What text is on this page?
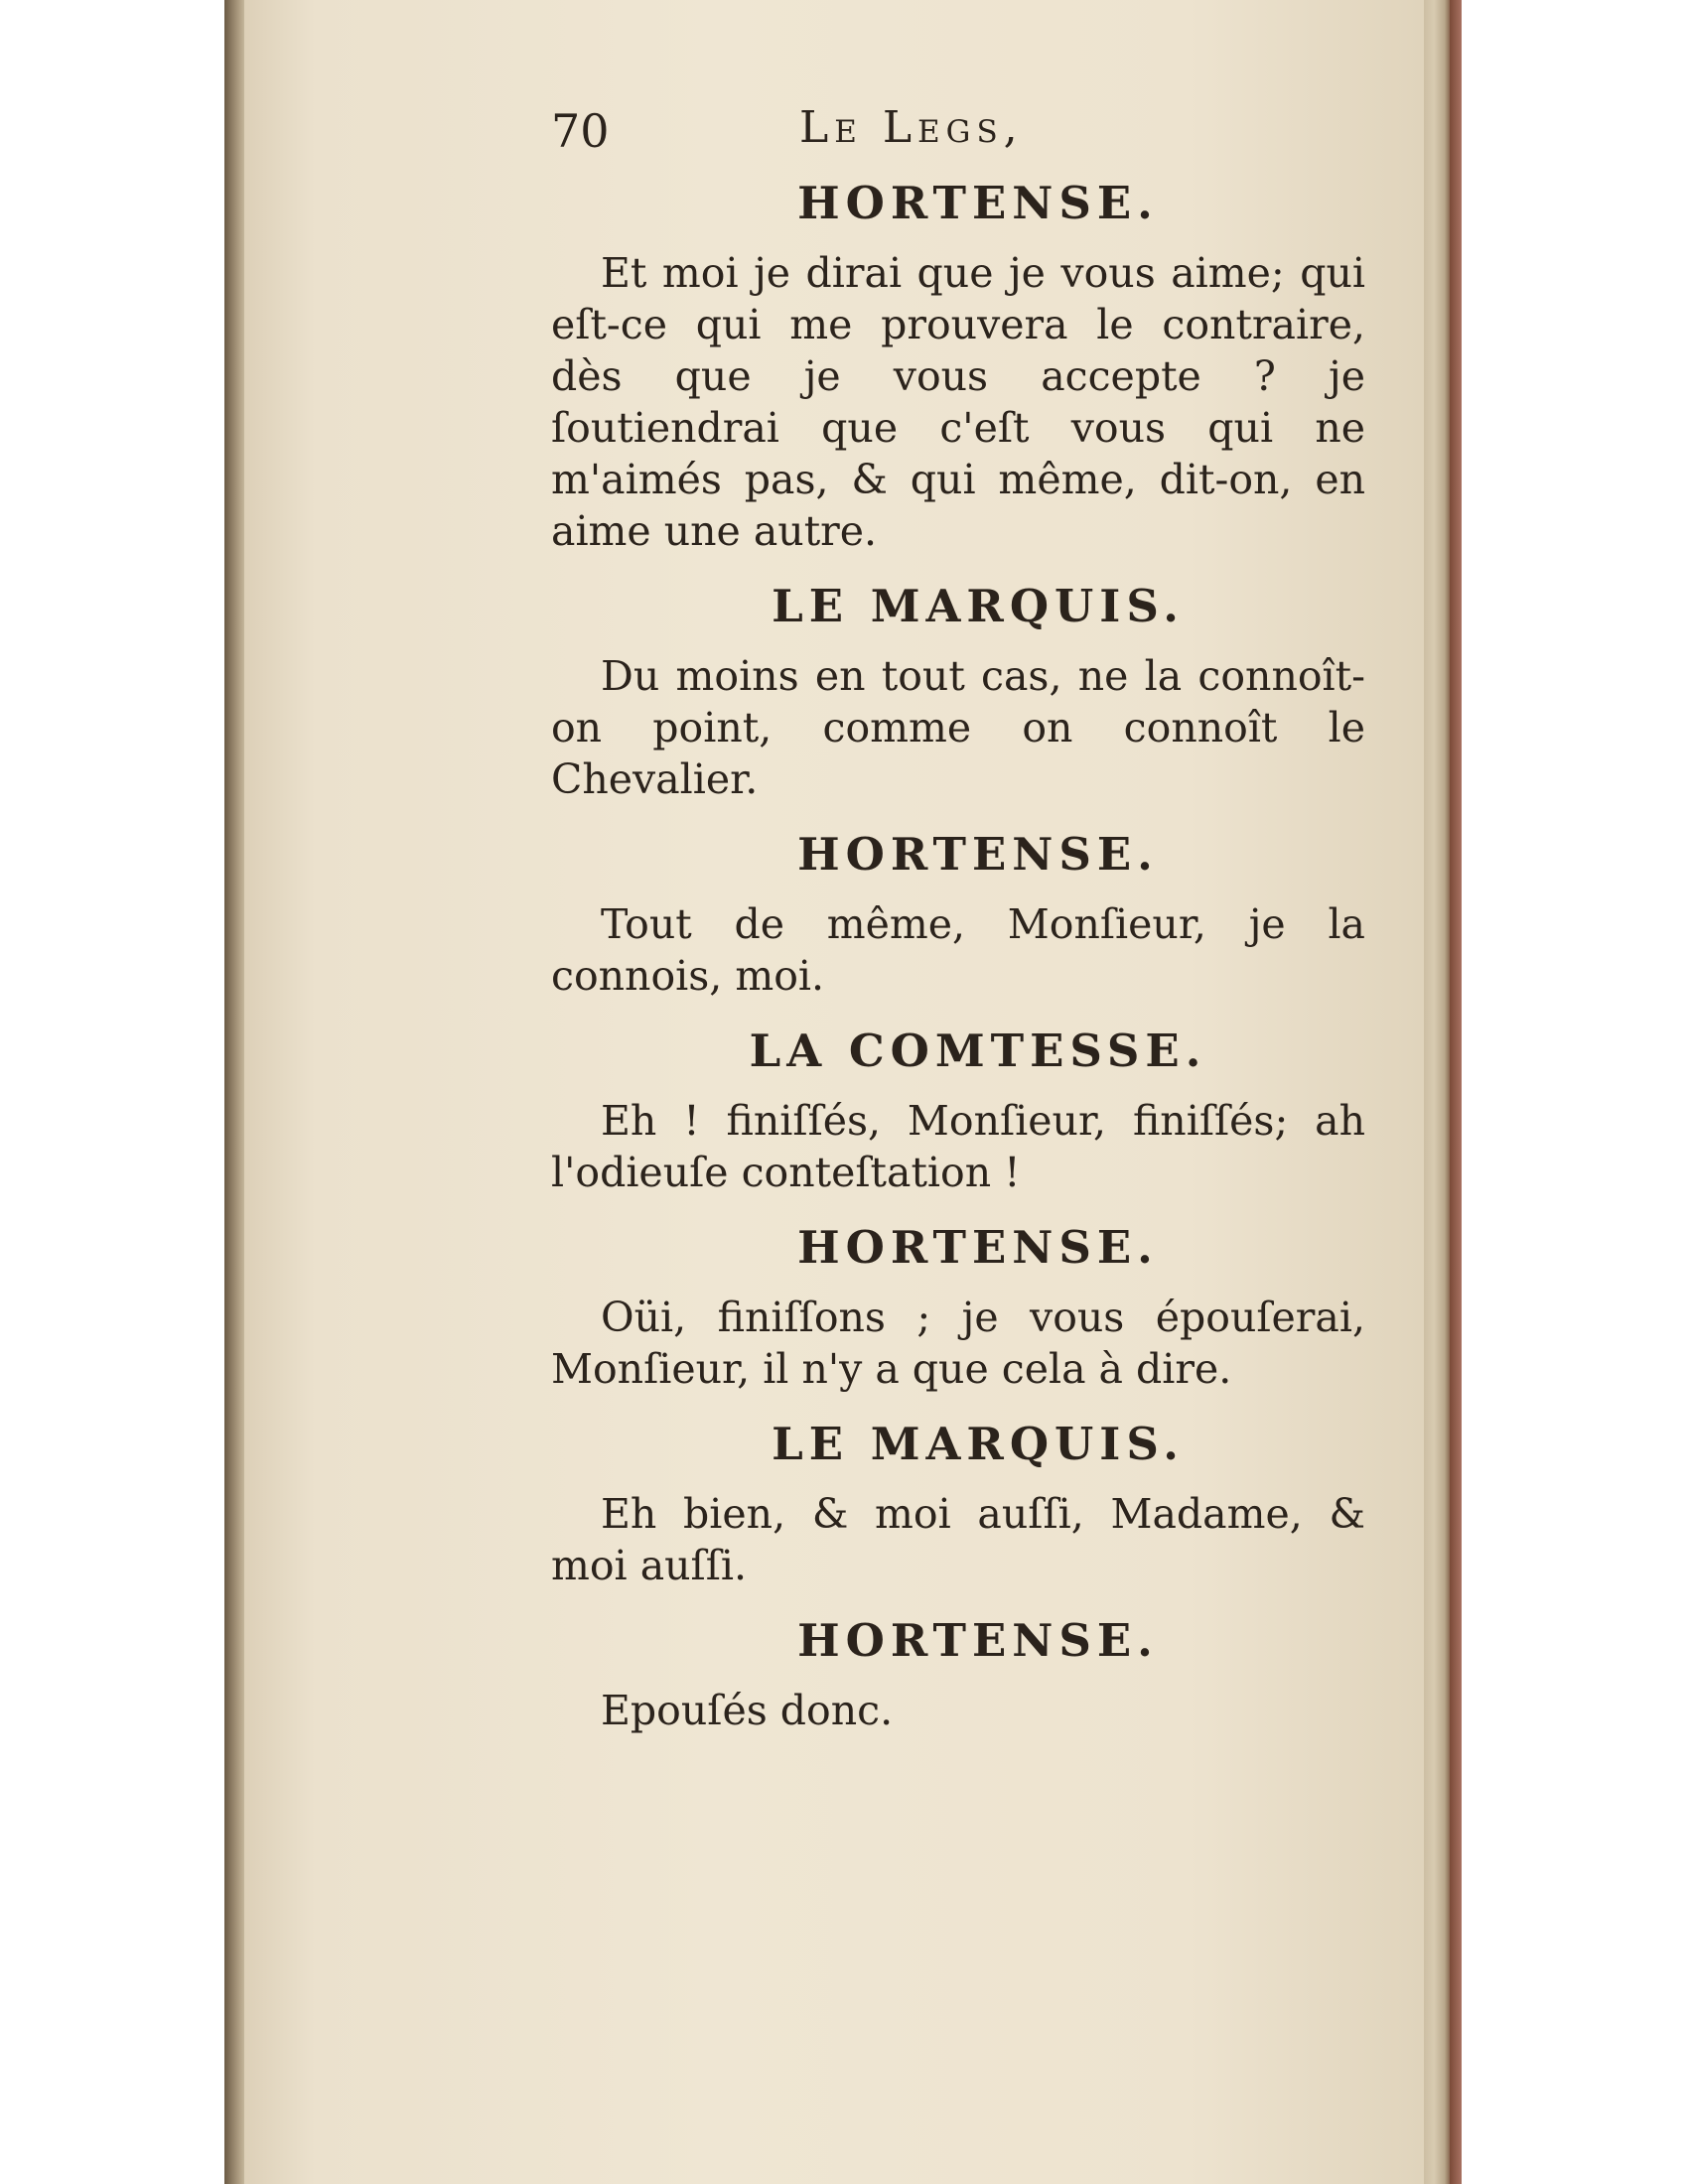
70	Le Legs,
HORTENSE.

Et moi je dirai que je vous aime; qui eſt-ce qui me prouvera le contraire, dès que je vous accepte ? je ſoutiendrai que c'eſt vous qui ne m'aimés pas, & qui même, dit-on, en aime une autre.

LE MARQUIS.

Du moins en tout cas, ne la connoît-on point, comme on connoît le Chevalier.

HORTENSE.

Tout de même, Monſieur, je la connois, moi.

LA COMTESSE.

Eh ! finiſſés, Monſieur, finiſſés; ah l'odieuſe conteſtation !

HORTENSE.

Oüi, finiſſons ; je vous épouſerai, Monſieur, il n'y a que cela à dire.

LE MARQUIS.

Eh bien, & moi auſſi, Madame, & moi auſſi.

HORTENSE.

Epouſés donc.
